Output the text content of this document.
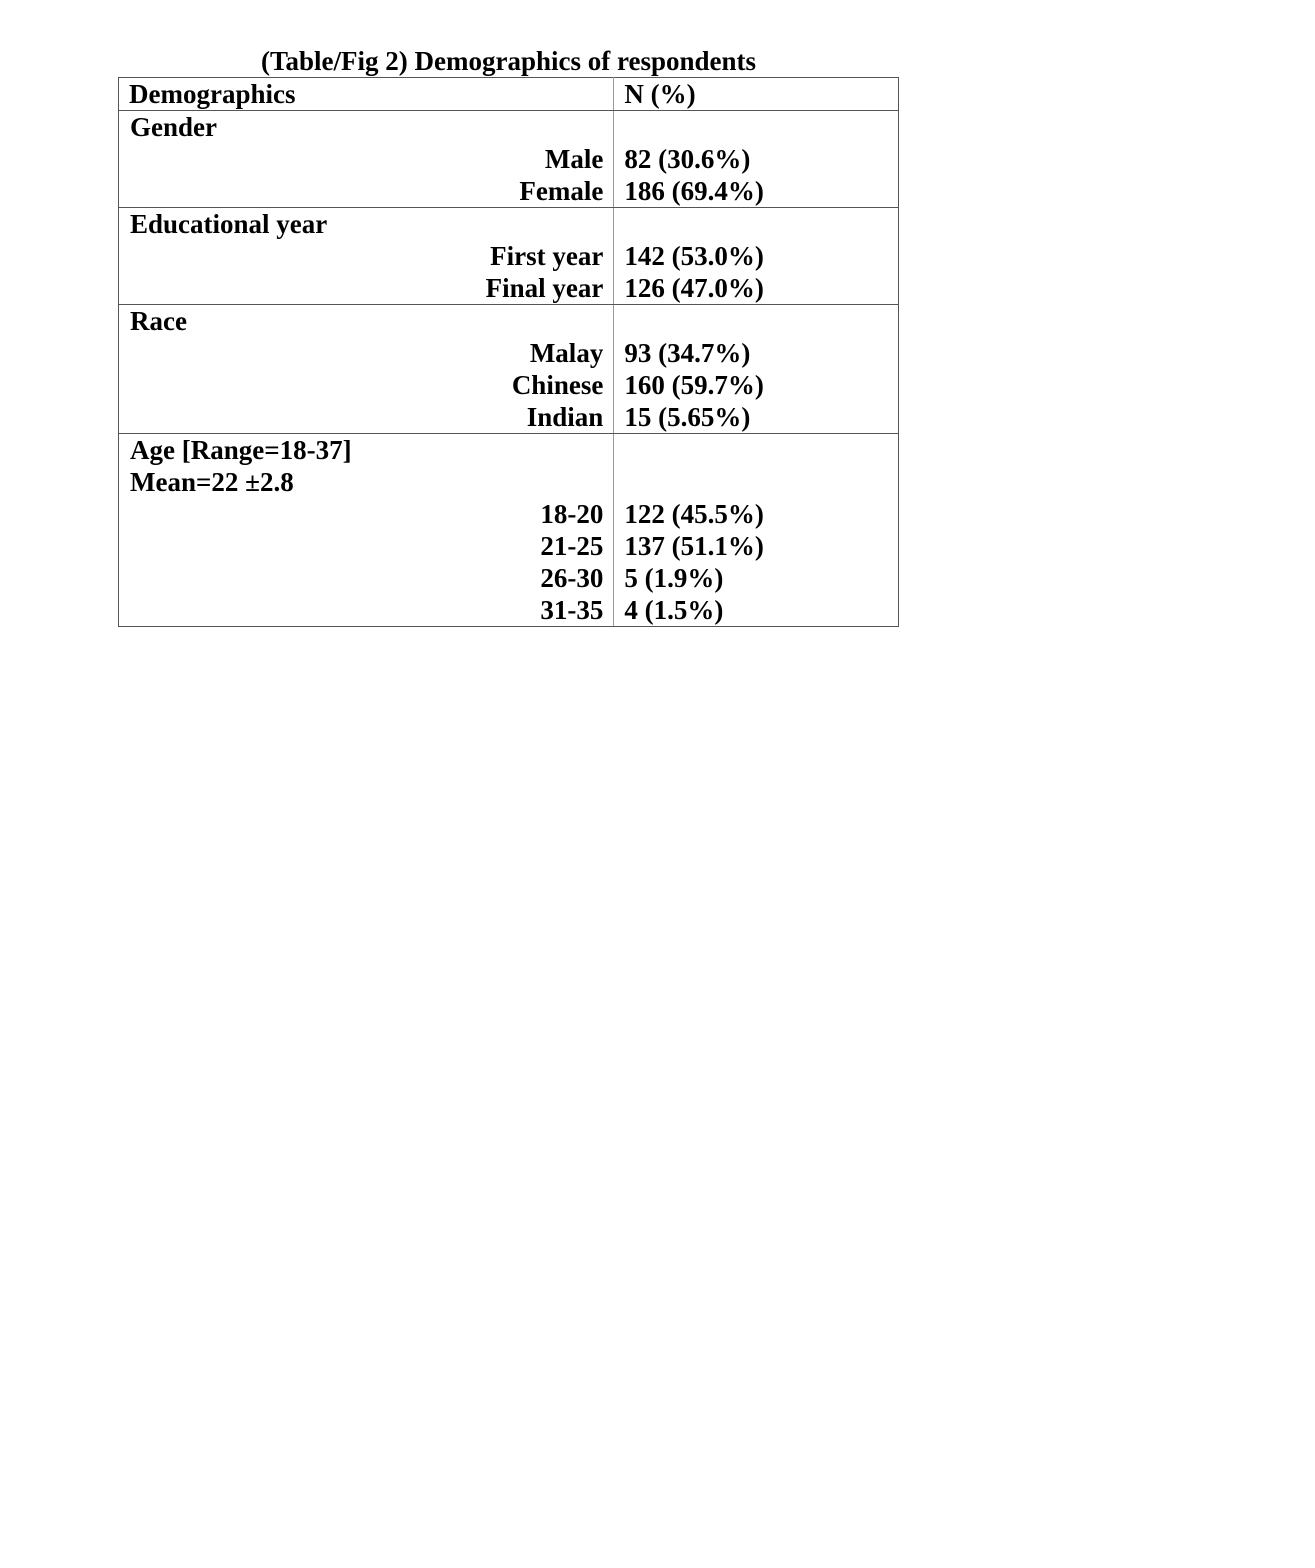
(Table/Fig 2) Demographics of respondents
Demographics	N (%)
Gender	
Male	82 (30.6%)
Female	186 (69.4%)
Educational year	
First year	142 (53.0%)
Final year	126 (47.0%)
Race	
Malay	93 (34.7%)
Chinese	160 (59.7%)
Indian	15 (5.65%)
Age [Range=18-37]	
Mean=22 ±2.8	
18-20	122 (45.5%)
21-25	137 (51.1%)
26-30	5 (1.9%)
31-35	4 (1.5%)
